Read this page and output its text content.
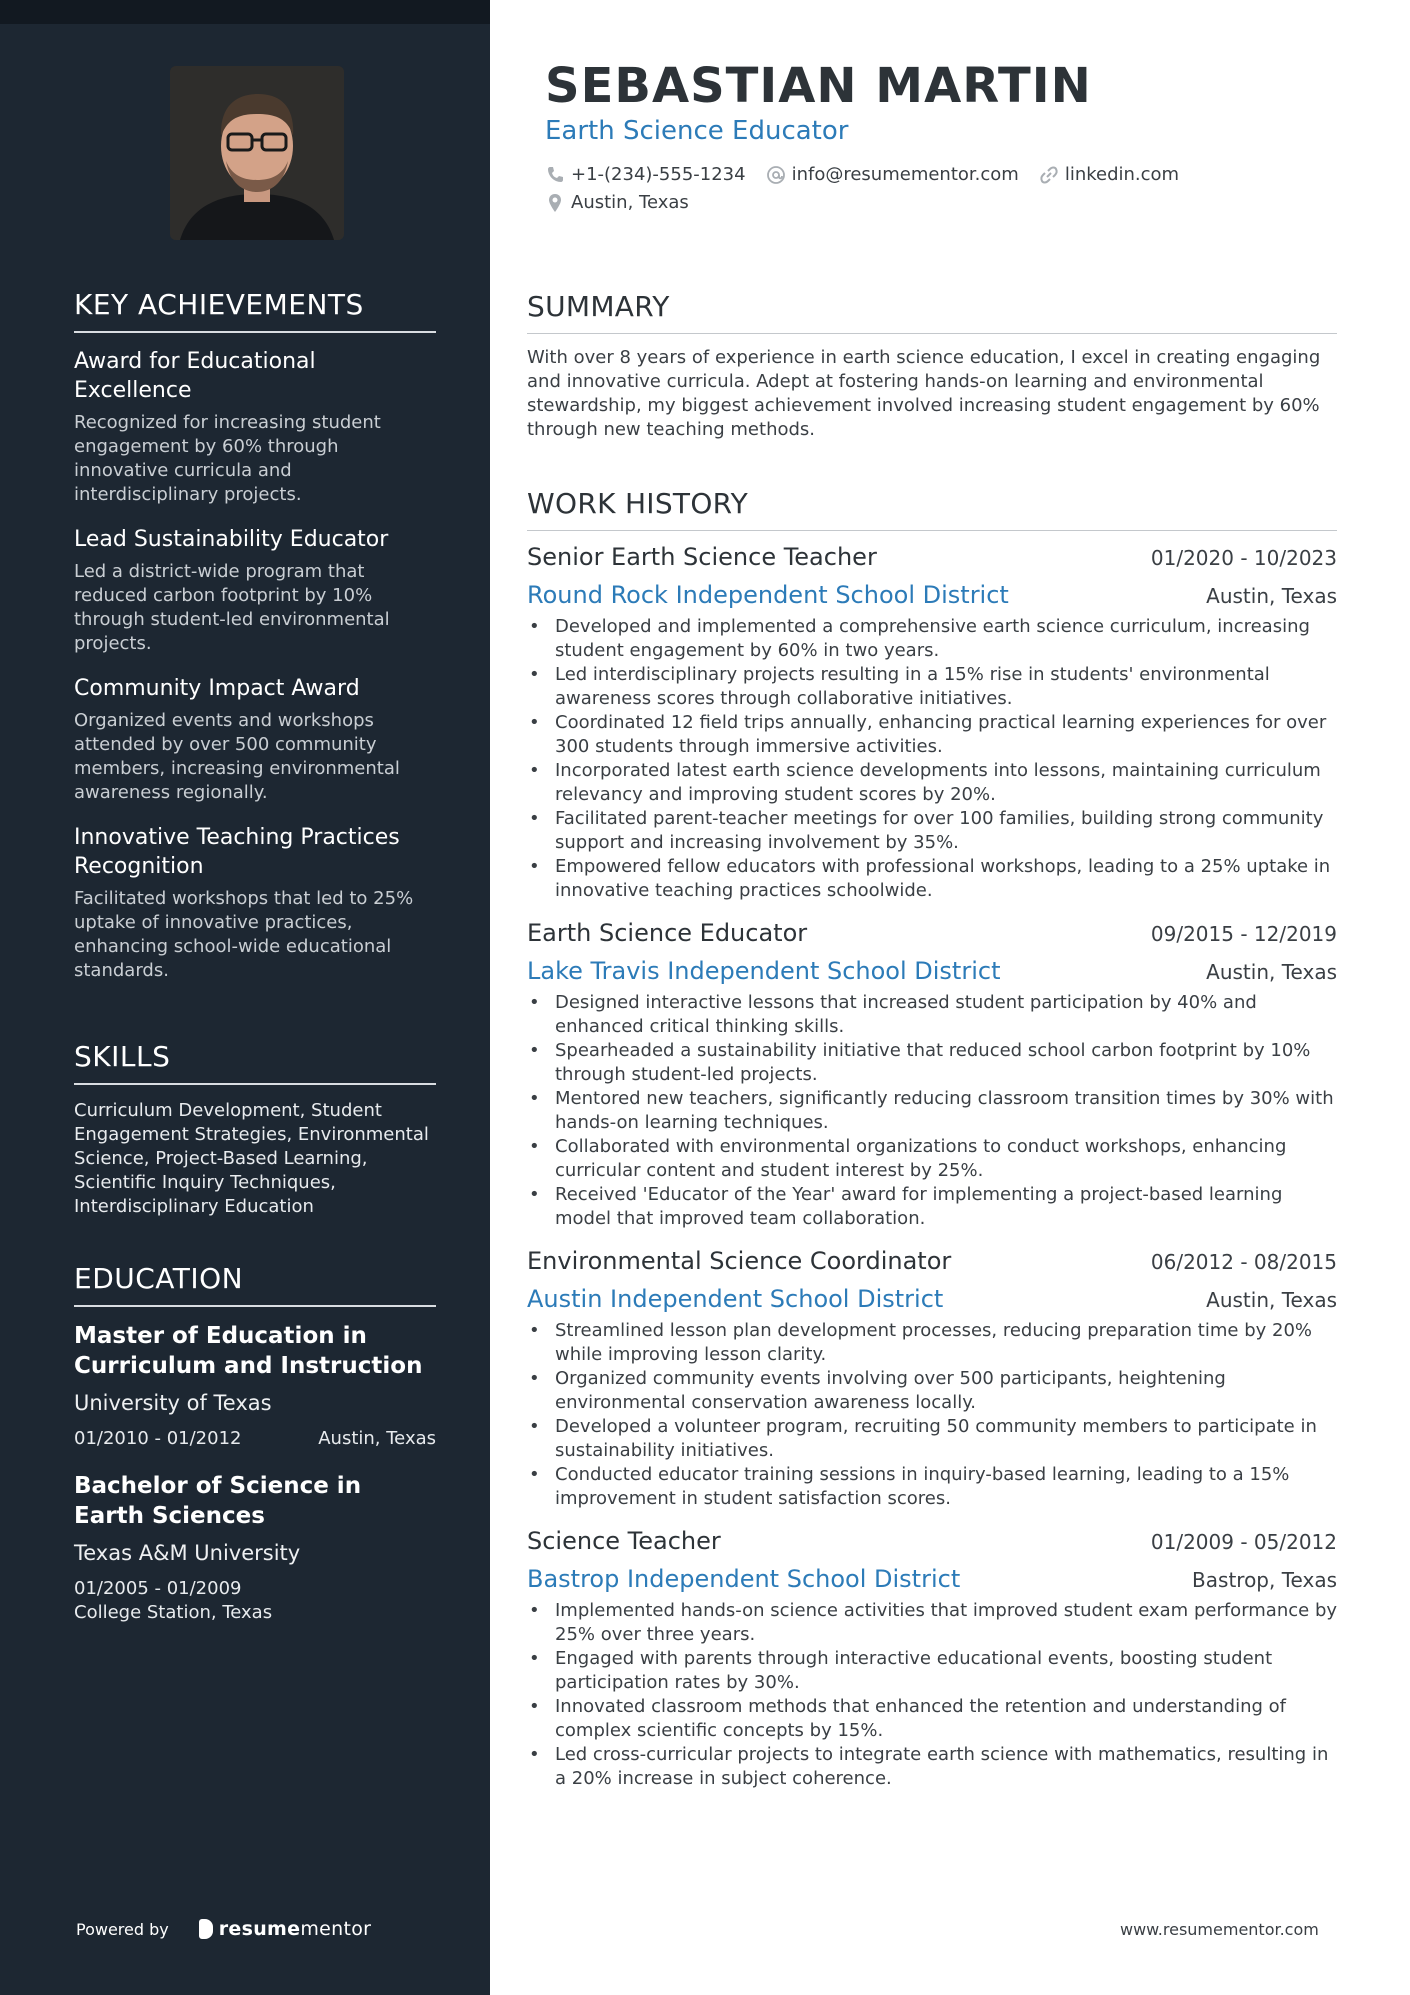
KEY ACHIEVEMENTS
Award for Educational Excellence
Recognized for increasing student engagement by 60% through innovative curricula and interdisciplinary projects.
Lead Sustainability Educator
Led a district-wide program that reduced carbon footprint by 10% through student-led environmental projects.
Community Impact Award
Organized events and workshops attended by over 500 community members, increasing environmental awareness regionally.
Innovative Teaching Practices Recognition
Facilitated workshops that led to 25% uptake of innovative practices, enhancing school-wide educational standards.
SKILLS
Curriculum Development, Student Engagement Strategies, Environmental Science, Project-Based Learning, Scientific Inquiry Techniques, Interdisciplinary Education
EDUCATION
Master of Education in Curriculum and Instruction
University of Texas
01/2010 - 01/2012	Austin, Texas
Bachelor of Science in Earth Sciences
Texas A&M University
01/2005 - 01/2009
College Station, Texas
Powered by	resume mentor
SEBASTIAN MARTIN
Earth Science Educator
+1-(234)-555-1234	info@resumementor.com	linkedin.com
Austin, Texas
SUMMARY
With over 8 years of experience in earth science education, I excel in creating engaging and innovative curricula. Adept at fostering hands-on learning and environmental stewardship, my biggest achievement involved increasing student engagement by 60% through new teaching methods.
WORK HISTORY
Senior Earth Science Teacher	01/2020 - 10/2023
Round Rock Independent School District	Austin, Texas
• Developed and implemented a comprehensive earth science curriculum, increasing student engagement by 60% in two years.
• Led interdisciplinary projects resulting in a 15% rise in students' environmental awareness scores through collaborative initiatives.
• Coordinated 12 field trips annually, enhancing practical learning experiences for over 300 students through immersive activities.
• Incorporated latest earth science developments into lessons, maintaining curriculum relevancy and improving student scores by 20%.
• Facilitated parent-teacher meetings for over 100 families, building strong community support and increasing involvement by 35%.
• Empowered fellow educators with professional workshops, leading to a 25% uptake in innovative teaching practices schoolwide.
Earth Science Educator	09/2015 - 12/2019
Lake Travis Independent School District	Austin, Texas
• Designed interactive lessons that increased student participation by 40% and enhanced critical thinking skills.
• Spearheaded a sustainability initiative that reduced school carbon footprint by 10% through student-led projects.
• Mentored new teachers, significantly reducing classroom transition times by 30% with hands-on learning techniques.
• Collaborated with environmental organizations to conduct workshops, enhancing curricular content and student interest by 25%.
• Received 'Educator of the Year' award for implementing a project-based learning model that improved team collaboration.
Environmental Science Coordinator	06/2012 - 08/2015
Austin Independent School District	Austin, Texas
• Streamlined lesson plan development processes, reducing preparation time by 20% while improving lesson clarity.
• Organized community events involving over 500 participants, heightening environmental conservation awareness locally.
• Developed a volunteer program, recruiting 50 community members to participate in sustainability initiatives.
• Conducted educator training sessions in inquiry-based learning, leading to a 15% improvement in student satisfaction scores.
Science Teacher	01/2009 - 05/2012
Bastrop Independent School District	Bastrop, Texas
• Implemented hands-on science activities that improved student exam performance by 25% over three years.
• Engaged with parents through interactive educational events, boosting student participation rates by 30%.
• Innovated classroom methods that enhanced the retention and understanding of complex scientific concepts by 15%.
• Led cross-curricular projects to integrate earth science with mathematics, resulting in a 20% increase in subject coherence.
www.resumementor.com
